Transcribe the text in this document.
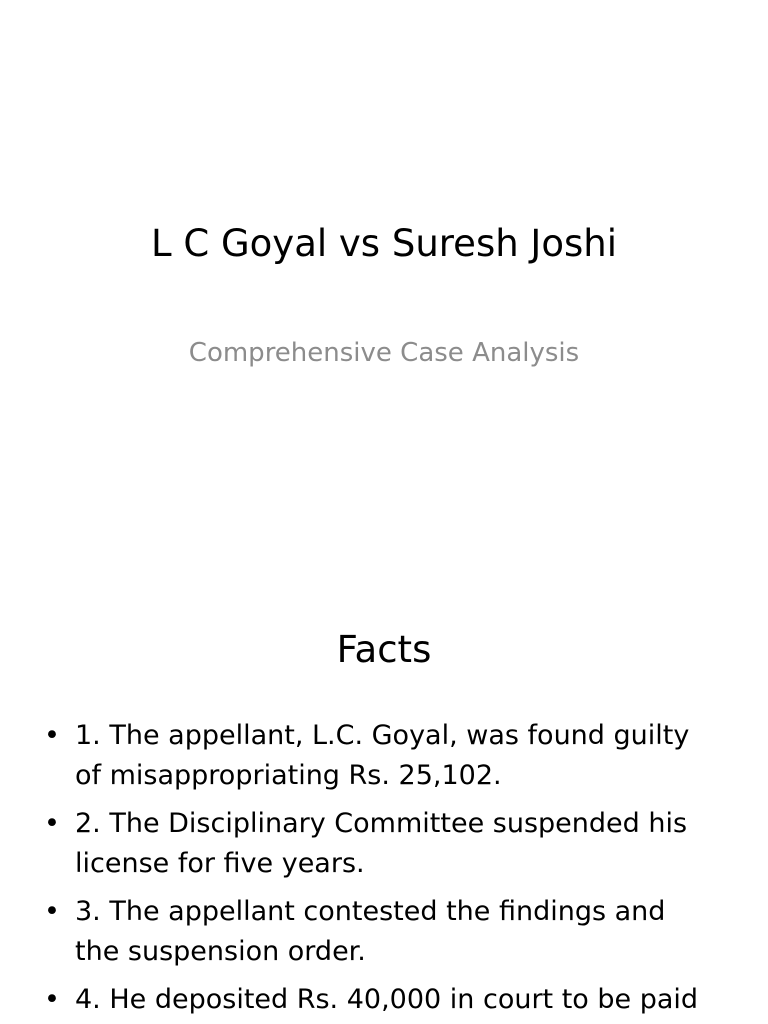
L C Goyal vs Suresh Joshi
Comprehensive Case Analysis
Facts
• 1. The appellant, L.C. Goyal, was found guilty of misappropriating Rs. 25,102.
• 2. The Disciplinary Committee suspended his license for five years.
• 3. The appellant contested the findings and the suspension order.
• 4. He deposited Rs. 40,000 in court to be paid
